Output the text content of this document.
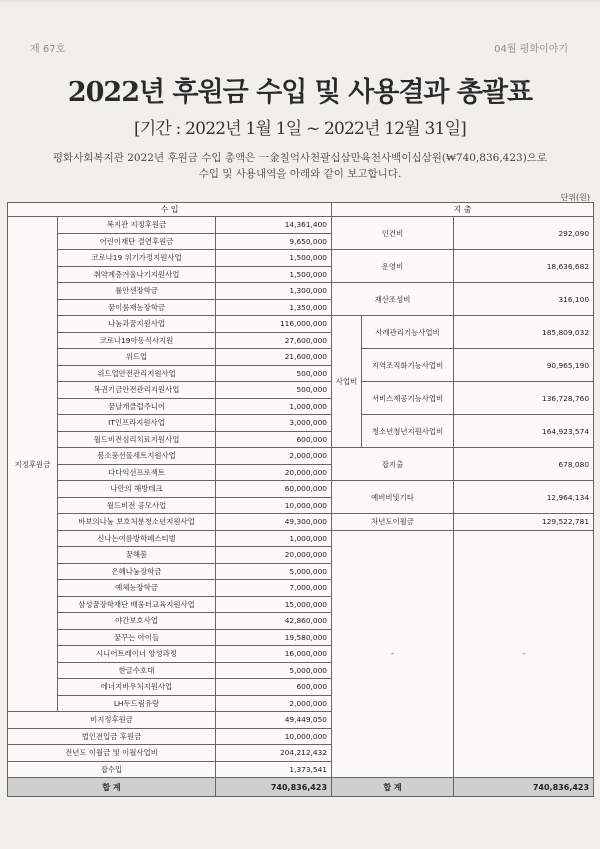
제 67호	04월 평화이야기
2022년 후원금 수입 및 사용결과 총괄표
[기간 : 2022년 1월 1일 ~ 2022년 12월 31일]
평화사회복지관 2022년 후원금 수입 총액은 一金칠억사천팔십삼만육천사백이십삼원(₩740,836,423)으로
수입 및 사용내역을 아래와 같이 보고합니다.
단위(원)
수 입			지 출		
지정후원금	복지관 지정후원금	14,361,400	인건비		292,090
	어린이재단 결연후원금	9,650,000			
	코로나19 위기가정지원사업	1,500,000	운영비		18,636,682
	취약계층겨울나기지원사업	1,500,000			
	률안센장학금	1,300,000	재산조성비		316,100
	꿈이룸재능장학금	1,350,000			
	나눔과꿈지원사업	116,000,000	사업비	사례관리기능사업비	185,809,032
	코로나19아동식사지원	27,600,000			
	위드업	21,600,000		지역조직화기능사업비	90,965,190
	위드업안전관리지원사업	500,000			
	복권기금안전관리지원사업	500,000		서비스제공기능사업비	136,728,760
	꿈날개클럽주니어	1,000,000			
	IT인프라지원사업	3,000,000		청소년청년지원사업비	164,923,574
	월드비전심리치료지원사업	600,000			
	봄소풍선물세트지원사업	2,000,000	잡지출		678,080
	다다익선프로젝트	20,000,000			
	나만의 해방테크	60,000,000	예비비및기타		12,964,134
	월드비전 공모사업	10,000,000			
	바보의나눔 보호처분청소년지원사업	49,300,000	차년도이월금		129,522,781
	신나는여름방학페스티벌	1,000,000	-		-
	꿈해봄	20,000,000			
	은혜나눔장학금	5,000,000			
	예체능장학금	7,000,000			
	삼성꿈장학재단 배움터교육지원사업	15,000,000			
	야간보호사업	42,860,000			
	꿈꾸는 아이들	19,580,000			
	시니어트레이너 양성과정	16,000,000			
	한글수호대	5,000,000			
	에너지바우처지원사업	600,000			
	LH두드림유랑	2,000,000			
비지정후원금		49,449,050			
법인전입금 후원금		10,000,000			
전년도 이월금 및 이월사업비		204,212,432			
잡수입		1,373,541			
합 계		740,836,423	합 계		740,836,423
